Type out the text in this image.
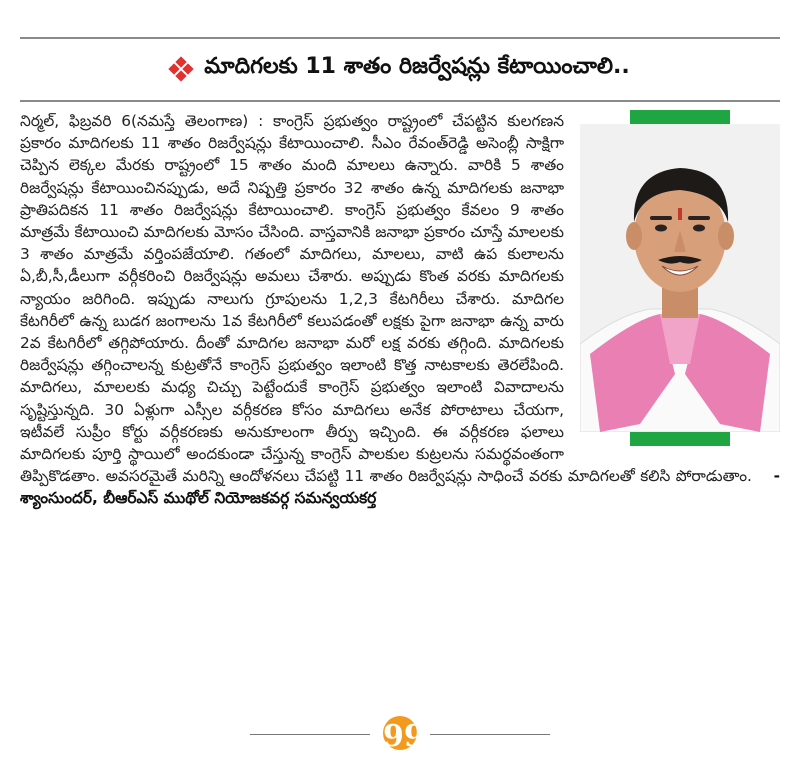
మాదిగలకు 11 శాతం రిజర్వేషన్లు కేటాయించాలి..
నిర్మల్, ఫిబ్రవరి 6(నమస్తే తెలంగాణ) : కాంగ్రెస్ ప్రభుత్వం రాష్ట్రంలో చేపట్టిన కులగణన ప్రకారం మాదిగలకు 11 శాతం రిజర్వేషన్లు కేటాయించాలి. సీఎం రేవంత్‌రెడ్డి అసెంబ్లీ సాక్షిగా చెప్పిన లెక్కల మేరకు రాష్ట్రంలో 15 శాతం మంది మాలలు ఉన్నారు. వారికి 5 శాతం రిజర్వేషన్లు కేటాయించినప్పుడు, అదే నిష్పత్తి ప్రకారం 32 శాతం ఉన్న మాదిగలకు జనాభా ప్రాతిపదికన 11 శాతం రిజర్వేషన్లు కేటాయించాలి. కాంగ్రెస్ ప్రభుత్వం కేవలం 9 శాతం మాత్రమే కేటాయించి మాదిగలకు మోసం చేసింది. వాస్తవానికి జనాభా ప్రకారం చూస్తే మాలలకు 3 శాతం మాత్రమే వర్తింపజేయాలి. గతంలో మాదిగలు, మాలలు, వాటి ఉప కులాలను ఏ,బీ,సీ,డీలుగా వర్గీకరించి రిజర్వేషన్లు అమలు చేశారు. అప్పుడు కొంత వరకు మాదిగలకు న్యాయం జరిగింది. ఇప్పుడు నాలుగు గ్రూపులను 1,2,3 కేటగిరీలు చేశారు. మాదిగల కేటగిరీలో ఉన్న బుడగ జంగాలను 1వ కేటగిరీలో కలుపడంతో లక్షకు పైగా జనాభా ఉన్న వారు 2వ కేటగిరీలో తగ్గిపోయారు. దీంతో మాదిగల జనాభా మరో లక్ష వరకు తగ్గింది. మాదిగలకు రిజర్వేషన్లు తగ్గించాలన్న కుట్రతోనే కాంగ్రెస్ ప్రభుత్వం ఇలాంటి కొత్త నాటకాలకు తెరలేపింది. మాదిగలు, మాలలకు మధ్య చిచ్చు పెట్టేందుకే కాంగ్రెస్ ప్రభుత్వం ఇలాంటి వివాదాలను సృష్టిస్తున్నది. 30 ఏళ్లుగా ఎస్సీల వర్గీకరణ కోసం మాదిగలు అనేక పోరాటాలు చేయగా, ఇటీవలే సుప్రీం కోర్టు వర్గీకరణకు అనుకూలంగా తీర్పు ఇచ్చింది. ఈ వర్గీకరణ ఫలాలు మాదిగలకు పూర్తి స్థాయిలో అందకుండా చేస్తున్న కాంగ్రెస్ పాలకుల కుట్రలను సమర్థవంతంగా తిప్పికొడతాం. అవసరమైతే మరిన్ని ఆందోళనలు చేపట్టి 11 శాతం రిజర్వేషన్లు సాధించే వరకు మాదిగలతో కలిసి పోరాడుతాం. - శ్యాంసుందర్, బీఆర్‌ఎస్ ముథోల్ నియోజకవర్గ సమన్వయకర్త
99
